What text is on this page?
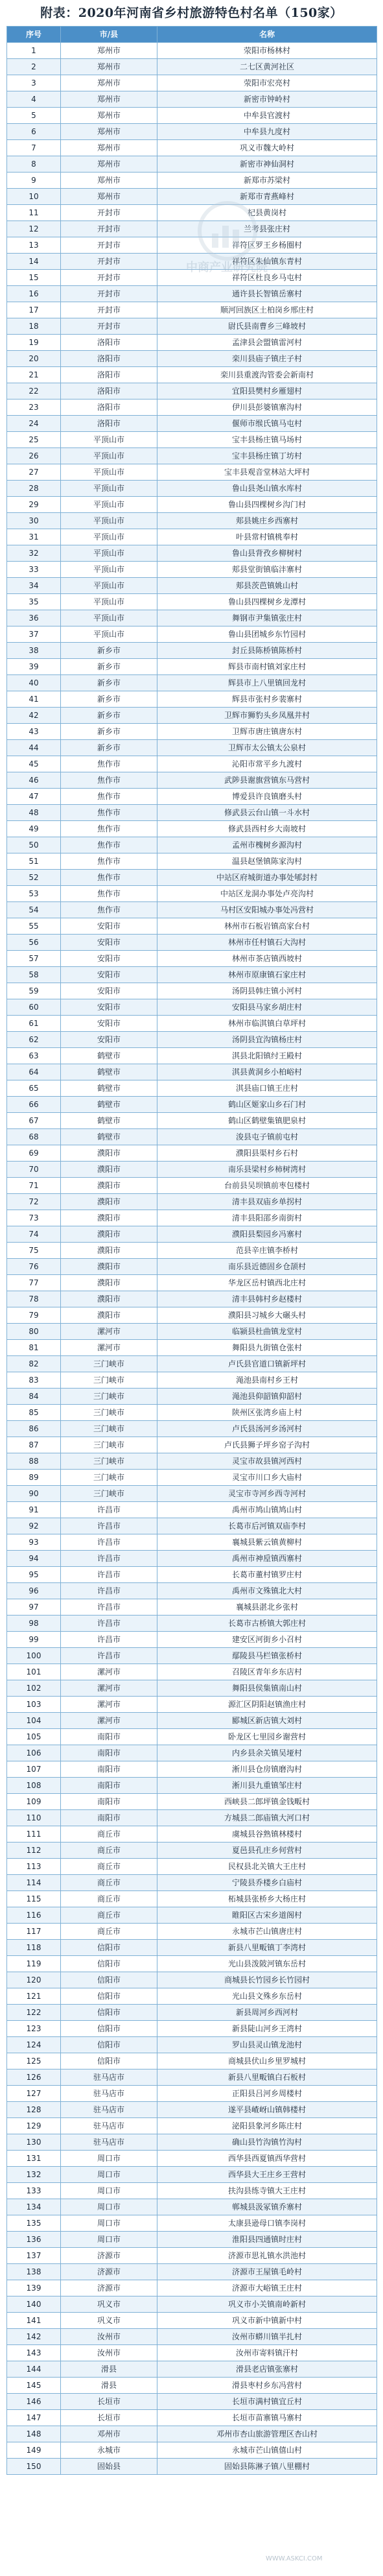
附表：2020年河南省乡村旅游特色村名单（150家）
序号	市/县	名称
1	郑州市	荥阳市杨林村
2	郑州市	二七区黄河社区
3	郑州市	荥阳市宏亮村
4	郑州市	新密市钟岭村
5	郑州市	中牟县官渡村
6	郑州市	中牟县九度村
7	郑州市	巩义市魏大岭村
8	郑州市	新密市神仙洞村
9	郑州市	新郑市苏梁村
10	郑州市	新郑市青燕峰村
11	开封市	杞县黄岗村
12	开封市	兰考县张庄村
13	开封市	祥符区罗王乡杨圈村
14	开封市	祥符区朱仙镇东青村
15	开封市	祥符区杜良乡马屯村
16	开封市	通许县长智镇岳寨村
17	开封市	顺河回族区土柏岗乡邢庄村
18	开封市	尉氏县南曹乡三峰坡村
19	洛阳市	孟津县会盟镇雷河村
20	洛阳市	栾川县庙子镇庄子村
21	洛阳市	栾川县重渡沟管委会新南村
22	洛阳市	宜阳县樊村乡雁翅村
23	洛阳市	伊川县彭婆镇寨沟村
24	洛阳市	偃师市缑氏镇马屯村
25	平顶山市	宝丰县杨庄镇马场村
26	平顶山市	宝丰县杨庄镇丁坊村
27	平顶山市	宝丰县观音堂林站大坪村
28	平顶山市	鲁山县尧山镇水库村
29	平顶山市	鲁山县四棵树乡沟门村
30	平顶山市	郏县姚庄乡西寨村
31	平顶山市	叶县常村镇桃奉村
32	平顶山市	鲁山县背孜乡柳树村
33	平顶山市	郏县堂街镇临沣寨村
34	平顶山市	郏县茨芭镇姚山村
35	平顶山市	鲁山县四棵树乡龙潭村
36	平顶山市	舞钢市尹集镇张庄村
37	平顶山市	鲁山县团城乡东竹园村
38	新乡市	封丘县陈桥镇陈桥村
39	新乡市	辉县市南村镇刘家庄村
40	新乡市	辉县市上八里镇回龙村
41	新乡市	辉县市张村乡裴寨村
42	新乡市	卫辉市狮豹头乡凤凰井村
43	新乡市	卫辉市唐庄镇唐东村
44	新乡市	卫辉市太公镇太公泉村
45	焦作市	沁阳市常平乡九渡村
46	焦作市	武陟县谢旗营镇东马营村
47	焦作市	博爱县许良镇磨头村
48	焦作市	修武县云台山镇一斗水村
49	焦作市	修武县西村乡大南坡村
50	焦作市	孟州市槐树乡源沟村
51	焦作市	温县赵堡镇陈家沟村
52	焦作市	中站区府城街道办事处郇封村
53	焦作市	中站区龙洞办事处卢亮沟村
54	焦作市	马村区安阳城办事处冯营村
55	安阳市	林州市石板岩镇高家台村
56	安阳市	林州市任村镇石大沟村
57	安阳市	林州市茶店镇西坡村
58	安阳市	林州市原康镇石家庄村
59	安阳市	汤阴县韩庄镇小河村
60	安阳市	安阳县马家乡胡庄村
61	安阳市	林州市临淇镇白草坪村
62	安阳市	汤阴县宜沟镇杨庄村
63	鹤壁市	淇县北阳镇纣王殿村
64	鹤壁市	淇县黄洞乡小柏峪村
65	鹤壁市	淇县庙口镇王庄村
66	鹤壁市	鹤山区姬家山乡石门村
67	鹤壁市	鹤山区鹤壁集镇肥泉村
68	鹤壁市	浚县屯子镇前屯村
69	濮阳市	濮阳县渠村乡石村
70	濮阳市	南乐县梁村乡柿树湾村
71	濮阳市	台前县吴坝镇前枣包楼村
72	濮阳市	清丰县双庙乡单拐村
73	濮阳市	清丰县阳邵乡南街村
74	濮阳市	濮阳县梨园乡冯寨村
75	濮阳市	范县辛庄镇李桥村
76	濮阳市	南乐县近德固乡仓颉村
77	濮阳市	华龙区岳村镇西北庄村
78	濮阳市	清丰县韩村乡赵楼村
79	濮阳市	濮阳县习城乡大碾头村
80	漯河市	临颍县杜曲镇龙堂村
81	漯河市	舞阳县九街镇仓张村
82	三门峡市	卢氏县官道口镇新坪村
83	三门峡市	渑池县南村乡王村
84	三门峡市	渑池县仰韶镇仰韶村
85	三门峡市	陕州区张湾乡庙上村
86	三门峡市	卢氏县汤河乡汤河村
87	三门峡市	卢氏县狮子坪乡窑子沟村
88	三门峡市	灵宝市故县镇河西村
89	三门峡市	灵宝市川口乡大庙村
90	三门峡市	灵宝市寺河乡西寺河村
91	许昌市	禹州市鸠山镇鸠山村
92	许昌市	长葛市后河镇双庙李村
93	许昌市	襄城县紫云镇黄柳村
94	许昌市	禹州市神垕镇西寨村
95	许昌市	长葛市董村镇罗庄村
96	许昌市	禹州市文殊镇北大村
97	许昌市	襄城县湛北乡张村
98	许昌市	长葛市古桥镇大郭庄村
99	许昌市	建安区河街乡小召村
100	许昌市	鄢陵县马栏镇张桥村
101	漯河市	召陵区青年乡东店村
102	漯河市	舞阳县侯集镇南山村
103	漯河市	源汇区阴阳赵镇渔庄村
104	漯河市	郾城区新店镇大刘村
105	南阳市	卧龙区七里园乡谢营村
106	南阳市	内乡县余关镇吴垭村
107	南阳市	淅川县仓房镇磨沟村
108	南阳市	淅川县九重镇邹庄村
109	南阳市	西峡县二郎坪镇金钱畈村
110	南阳市	方城县二郎庙镇大河口村
111	商丘市	虞城县谷熟镇林楼村
112	商丘市	夏邑县孔庄乡何营村
113	商丘市	民权县北关镇大王庄村
114	商丘市	宁陵县乔楼乡白庙村
115	商丘市	柘城县张桥乡大杨庄村
116	商丘市	睢阳区古宋乡道阁村
117	商丘市	永城市芒山镇唐庄村
118	信阳市	新县八里畈镇丁李湾村
119	信阳市	光山县泼陂河镇东岳村
120	信阳市	商城县长竹园乡长竹园村
121	信阳市	光山县文殊乡东岳村
122	信阳市	新县周河乡西河村
123	信阳市	新县陡山河乡王湾村
124	信阳市	罗山县灵山镇龙池村
125	信阳市	商城县伏山乡里罗城村
126	驻马店市	新县八里畈镇白石板村
127	驻马店市	正阳县吕河乡周楼村
128	驻马店市	遂平县嵖岈山镇韩楼村
129	驻马店市	泌阳县象河乡陈庄村
130	驻马店市	确山县竹沟镇竹沟村
131	周口市	西华县西夏镇西华营村
132	周口市	西华县大王庄乡王营村
133	周口市	扶沟县练寺镇大王庄村
134	周口市	郸城县汲冢镇乔寨村
135	周口市	太康县逊母口镇李岗村
136	周口市	淮阳县四通镇时庄村
137	济源市	济源市思礼镇水洪池村
138	济源市	济源市王屋镇毛岭村
139	济源市	济源市大峪镇王庄村
140	巩义市	巩义市小关镇南岭新村
141	巩义市	巩义市新中镇新中村
142	汝州市	汝州市蟒川镇半扎村
143	汝州市	汝州市寄料镇汗村
144	滑县	滑县老店镇张寨村
145	滑县	滑县枣村乡东冯营村
146	长垣市	长垣市满村镇宜丘村
147	长垣市	长垣市苗寨镇马寨村
148	邓州市	邓州市杏山旅游管理区杏山村
149	永城市	永城市芒山镇僖山村
150	固始县	固始县陈淋子镇八里棚村
中商产业研究院
WWW.ASKCI.COM
